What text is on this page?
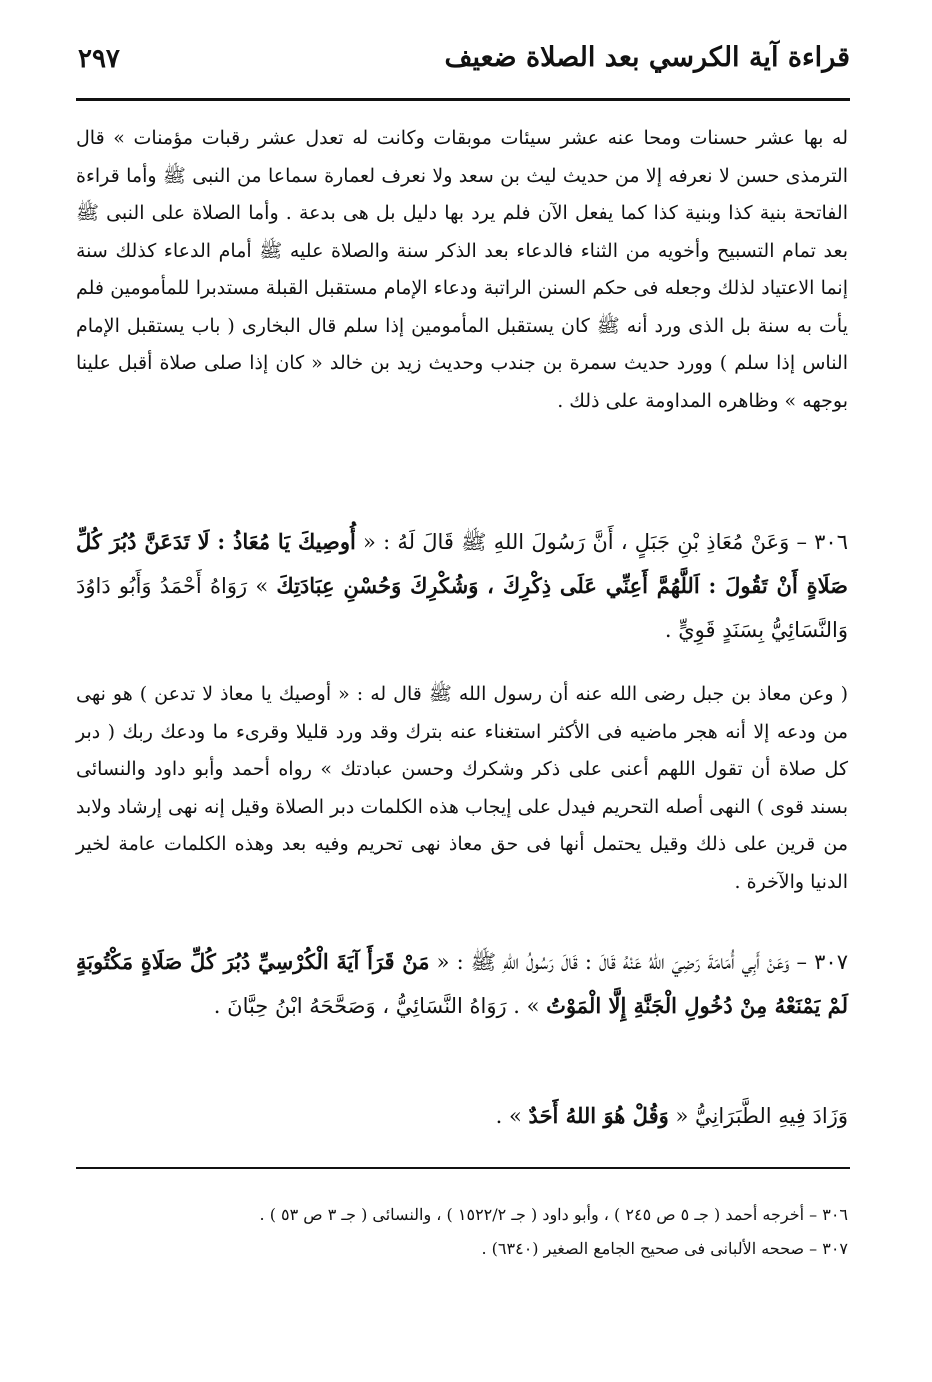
٢٩٧	قراءة آية الكرسي بعد الصلاة ضعيف

له بها عشر حسنات ومحا عنه عشر سيئات موبقات وكانت له تعدل عشر رقبات مؤمنات » قال الترمذى حسن لا نعرفه إلا من حديث ليث بن سعد ولا نعرف لعمارة سماعا من النبى ﷺ وأما قراءة الفاتحة بنية كذا وبنية كذا كما يفعل الآن فلم يرد بها دليل بل هى بدعة . وأما الصلاة على النبى ﷺ بعد تمام التسبيح وأخويه من الثناء فالدعاء بعد الذكر سنة والصلاة عليه ﷺ أمام الدعاء كذلك سنة إنما الاعتياد لذلك وجعله فى حكم السنن الراتبة ودعاء الإمام مستقبل القبلة مستدبرا للمأمومين فلم يأت به سنة بل الذى ورد أنه ﷺ كان يستقبل المأمومين إذا سلم قال البخارى ( باب يستقبل الإمام الناس إذا سلم ) وورد حديث سمرة بن جندب وحديث زيد بن خالد « كان إذا صلى صلاة أقبل علينا بوجهه » وظاهره المداومة على ذلك .

٣٠٦ – وَعَنْ مُعَاذِ بْنِ جَبَلٍ ، أَنَّ رَسُولَ اللهِ ﷺ قَالَ لَهُ : « أُوصِيكَ يَا مُعَاذُ : لَا تَدَعَنَّ دُبُرَ كُلِّ صَلَاةٍ أَنْ تَقُولَ : اَللَّهُمَّ أَعِنِّي عَلَى ذِكْرِكَ ، وَشُكْرِكَ وَحُسْنِ عِبَادَتِكَ » رَوَاهُ أَحْمَدُ وَأَبُو دَاوُدَ وَالنَّسَائِيُّ بِسَنَدٍ قَوِيٍّ .

( وعن معاذ بن جبل رضى الله عنه أن رسول الله ﷺ قال له : « أوصيك يا معاذ لا تدعن ) هو نهى من ودعه إلا أنه هجر ماضيه فى الأكثر استغناء عنه بترك وقد ورد قليلا وقرىء ما ودعك ربك ( دبر كل صلاة أن تقول اللهم أعنى على ذكر وشكرك وحسن عبادتك » رواه أحمد وأبو داود والنسائى بسند قوى ) النهى أصله التحريم فيدل على إيجاب هذه الكلمات دبر الصلاة وقيل إنه نهى إرشاد ولابد من قرين على ذلك وقيل يحتمل أنها فى حق معاذ نهى تحريم وفيه بعد وهذه الكلمات عامة لخير الدنيا والآخرة .

٣٠٧ – وَعَنْ أَبِي أُمَامَةَ رَضِيَ اللهُ عَنْهُ قَالَ : قَالَ رَسُولُ اللهِ ﷺ : « مَنْ قَرَأَ آيَةَ الْكُرْسِيِّ دُبُرَ كُلِّ صَلَاةٍ مَكْتُوبَةٍ لَمْ يَمْنَعْهُ مِنْ دُخُولِ الْجَنَّةِ إِلَّا الْمَوْتُ » . رَوَاهُ النَّسَائِيُّ ، وَصَحَّحَهُ ابْنُ حِبَّانَ .

وَزَادَ فِيهِ الطَّبَرَانِيُّ « وَقُلْ هُوَ اللهُ أَحَدٌ » .

٣٠٦ – أخرجه أحمد ( جـ ٥ ص ٢٤٥ ) ، وأبو داود ( جـ ١٥٢٢/٢ ) ، والنسائى ( جـ ٣ ص ٥٣ ) .
٣٠٧ – صححه الألبانى فى صحيح الجامع الصغير (٦٣٤٠) .
